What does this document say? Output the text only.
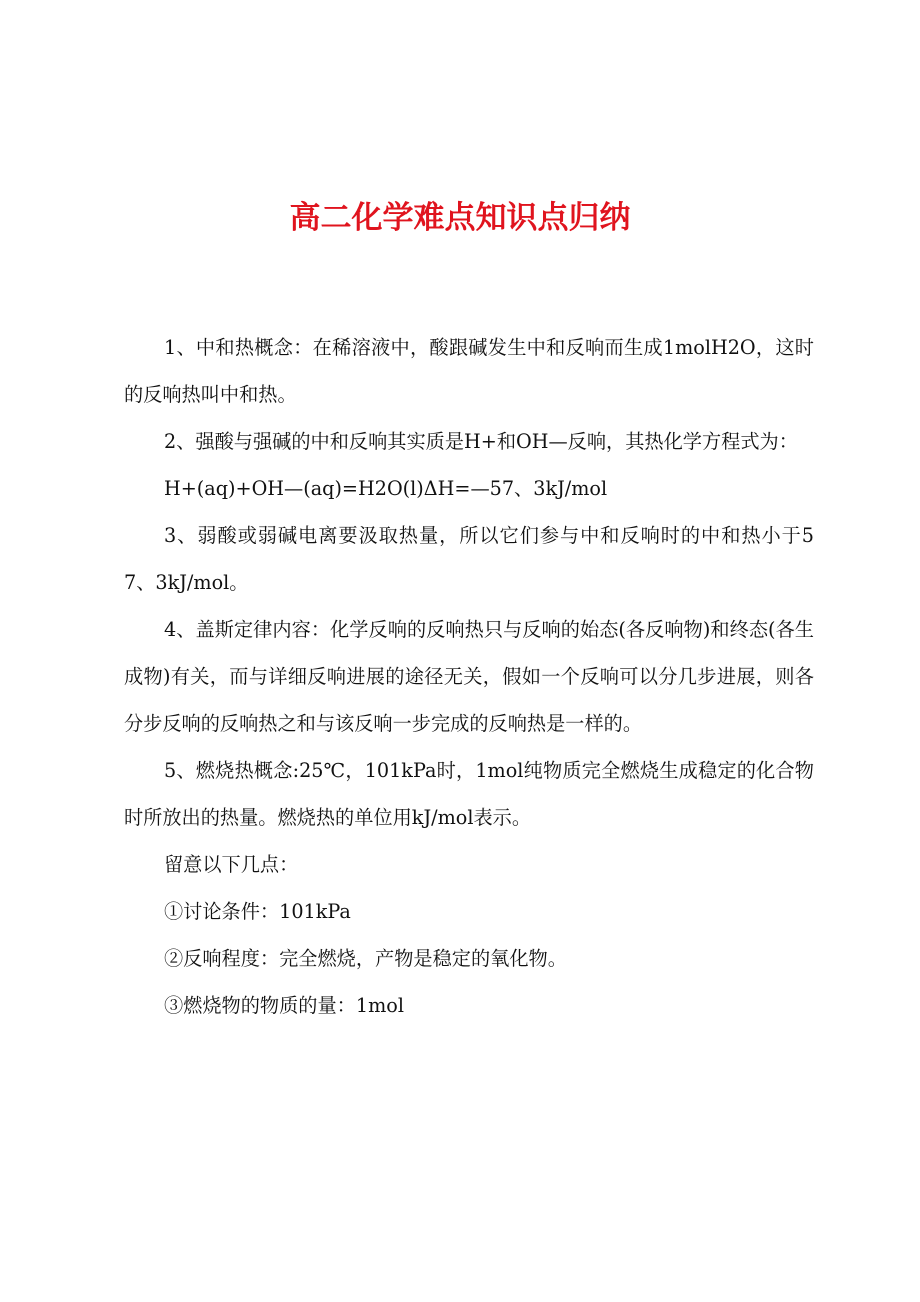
高二化学难点知识点归纳

1、中和热概念：在稀溶液中，酸跟碱发生中和反响而生成1molH2O，这时的反响热叫中和热。

2、强酸与强碱的中和反响其实质是H+和OH—反响，其热化学方程式为：

H+(aq)+OH—(aq)=H2O(l)ΔH=—57、3kJ/mol

3、弱酸或弱碱电离要汲取热量，所以它们参与中和反响时的中和热小于57、3kJ/mol。

4、盖斯定律内容：化学反响的反响热只与反响的始态(各反响物)和终态(各生成物)有关，而与详细反响进展的途径无关，假如一个反响可以分几步进展，则各分步反响的反响热之和与该反响一步完成的反响热是一样的。

5、燃烧热概念:25℃，101kPa时，1mol纯物质完全燃烧生成稳定的化合物时所放出的热量。燃烧热的单位用kJ/mol表示。

留意以下几点：

①讨论条件：101kPa

②反响程度：完全燃烧，产物是稳定的氧化物。

③燃烧物的物质的量：1mol
